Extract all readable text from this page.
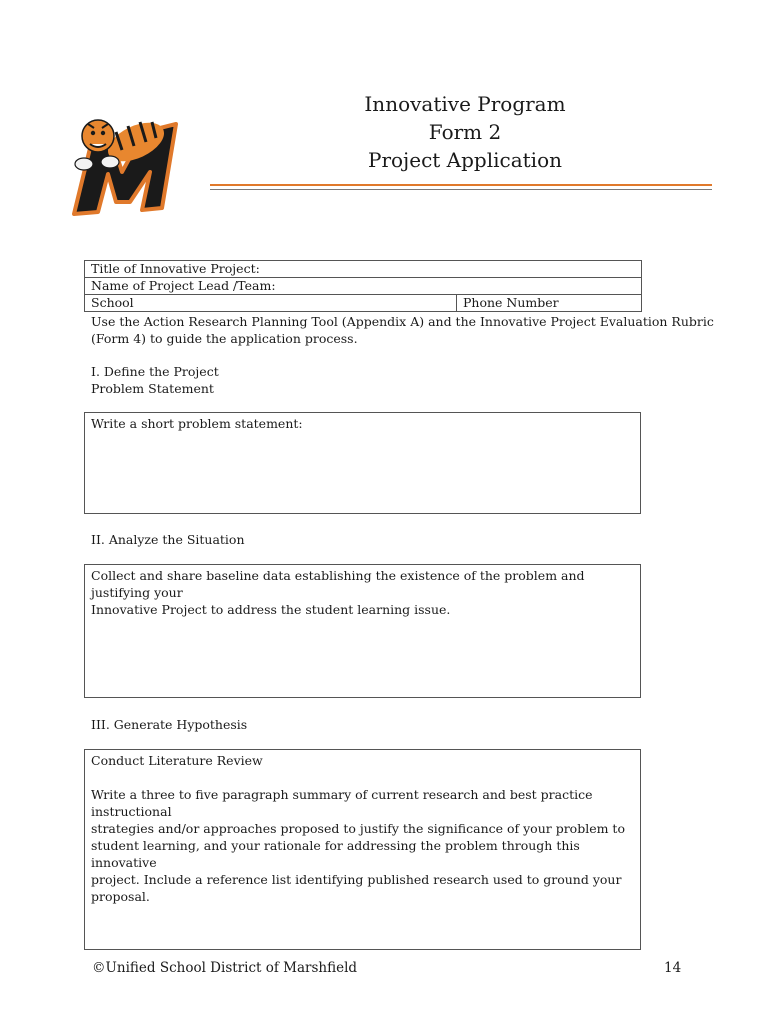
Innovative Program
Form 2
Project Application
Title of Innovative Project:
Name of Project Lead /Team:
School	Phone Number
Use the Action Research Planning Tool (Appendix A) and the Innovative Project Evaluation Rubric
(Form 4) to guide the application process.
I. Define the Project
Problem Statement
Write a short problem statement:
II. Analyze the Situation
Collect and share baseline data establishing the existence of the problem and justifying your
Innovative Project to address the student learning issue.
III. Generate Hypothesis
Conduct Literature Review
Write a three to five paragraph summary of current research and best practice instructional
strategies and/or approaches proposed to justify the significance of your problem to
student learning, and your rationale for addressing the problem through this innovative
project. Include a reference list identifying published research used to ground your
proposal.
©Unified School District of Marshfield	14
